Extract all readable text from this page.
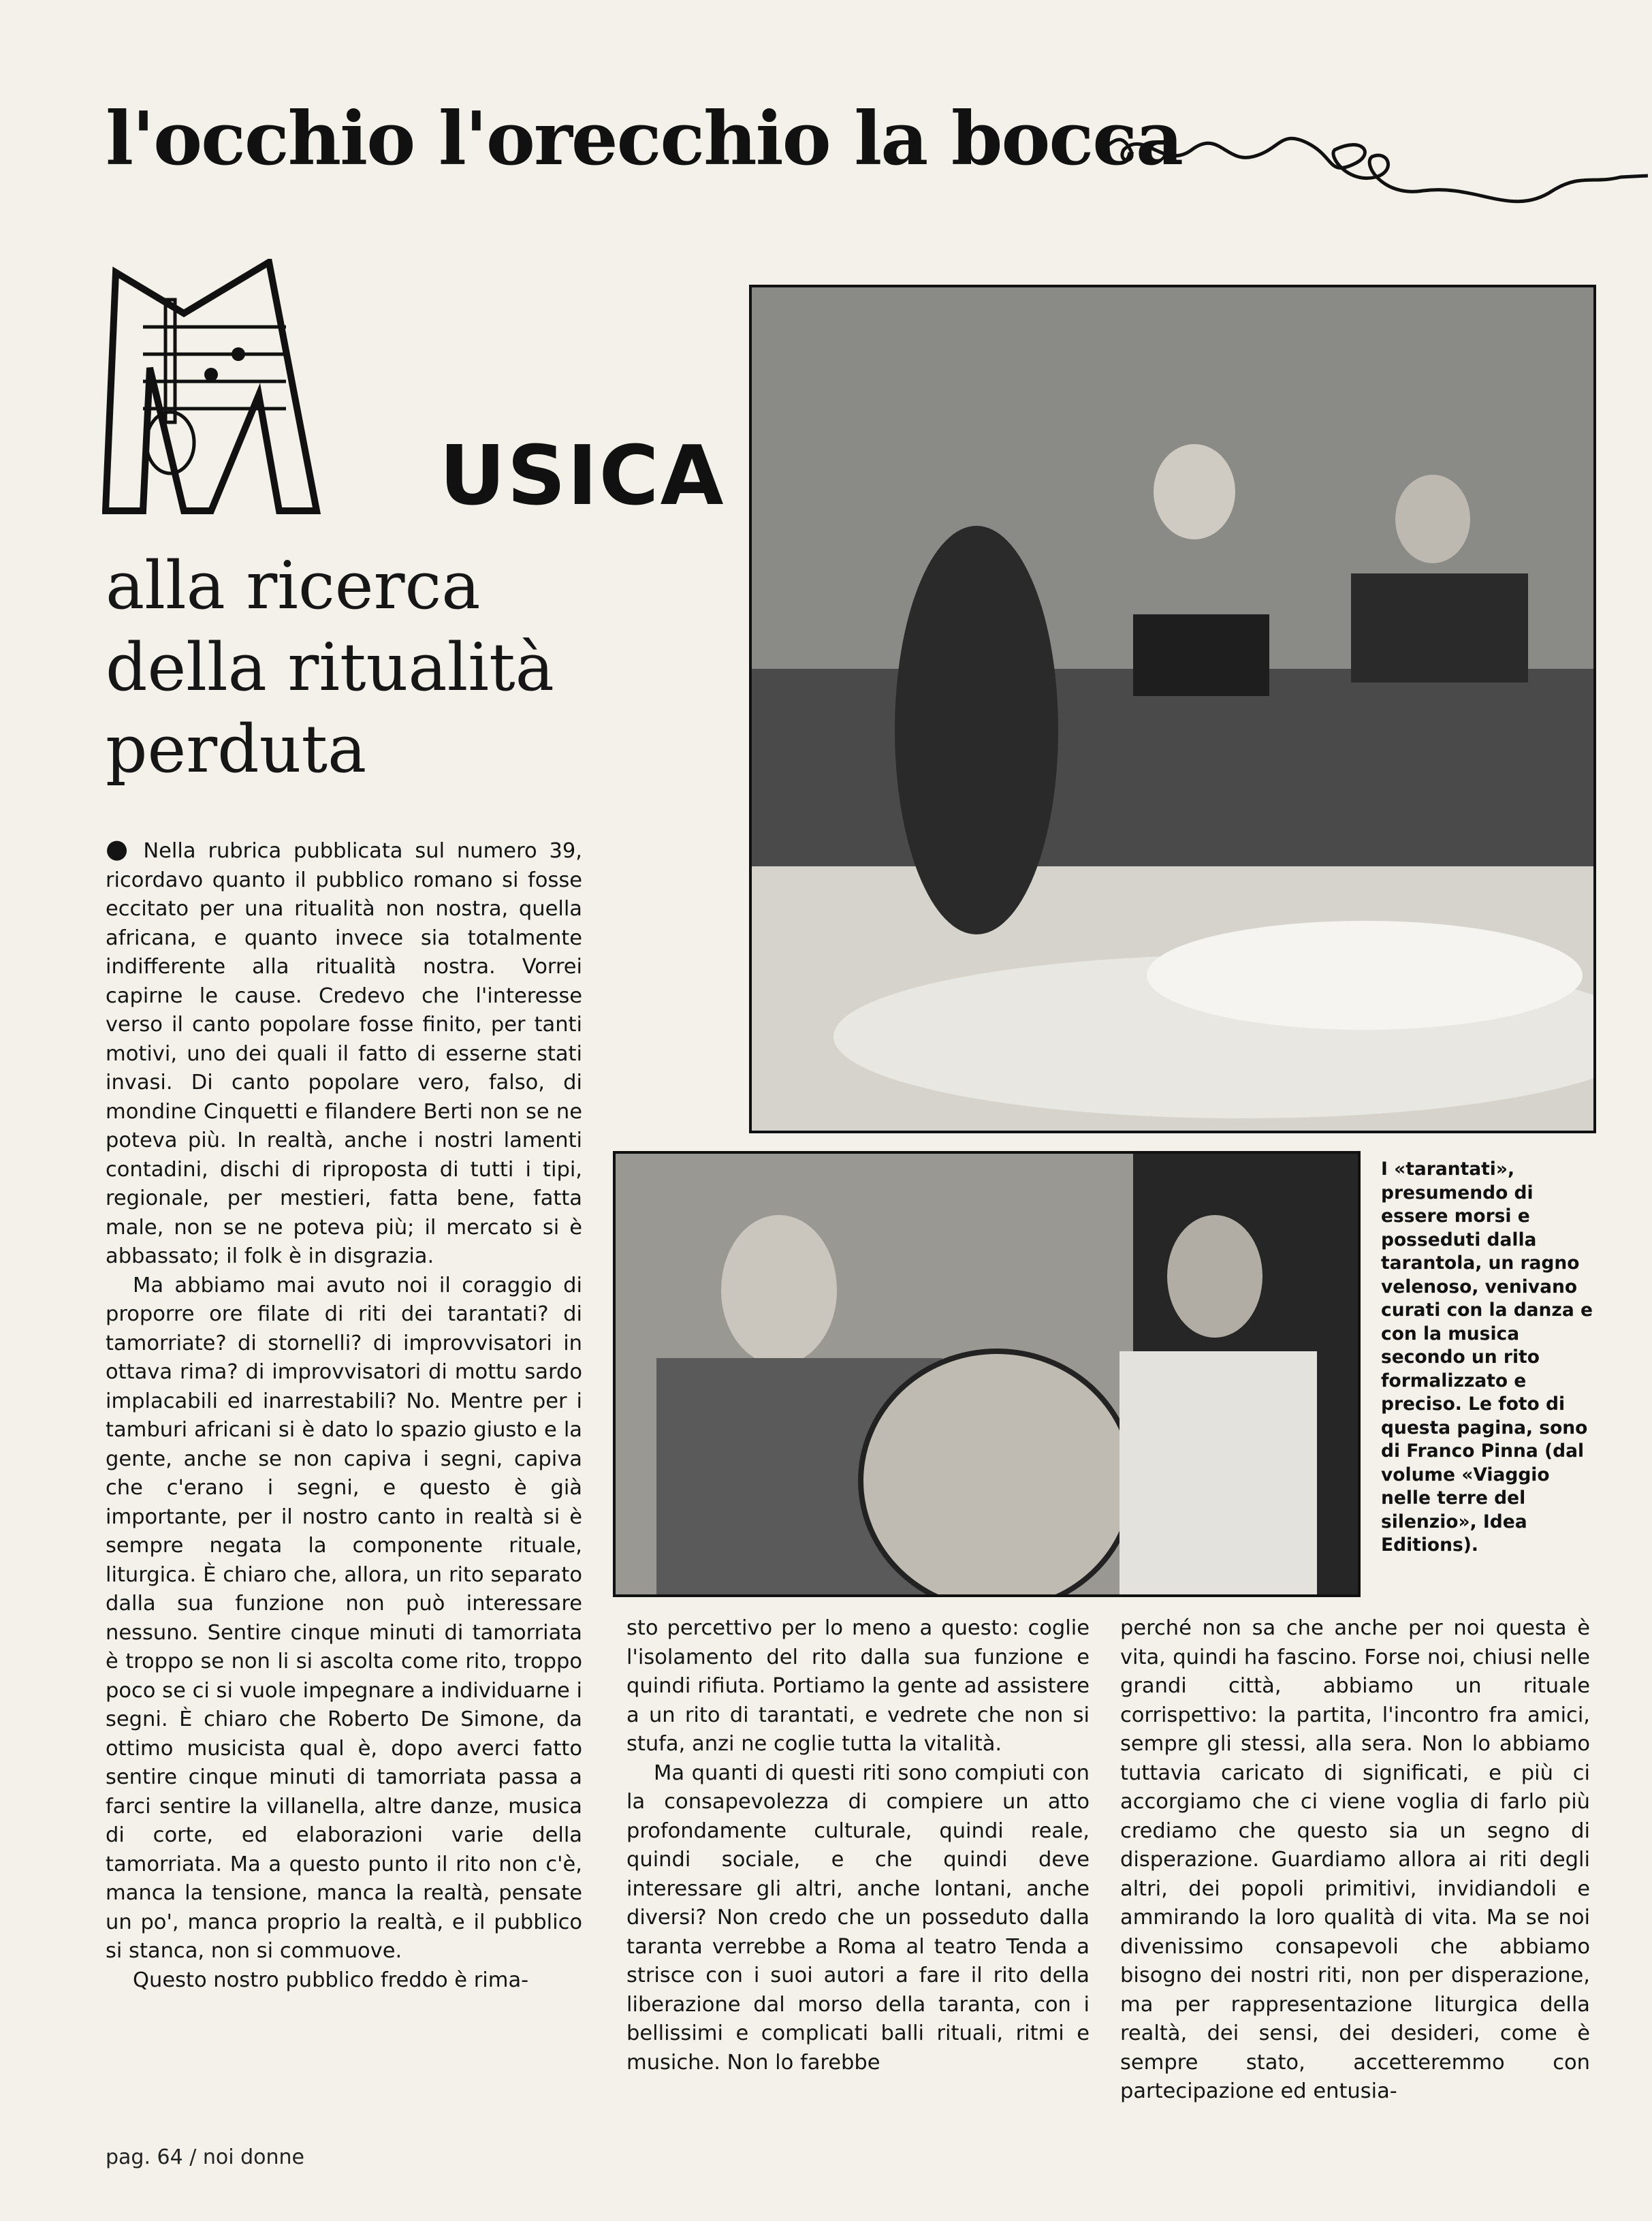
l'occhio l'orecchio la bocca
USICA
alla ricerca
della ritualità
perduta

● Nella rubrica pubblicata sul numero 39, ricordavo quanto il pubblico romano si fosse eccitato per una ritualità non nostra, quella africana, e quanto invece sia totalmente indifferente alla ritualità nostra. Vorrei capirne le cause. Credevo che l'interesse verso il canto popolare fosse finito, per tanti motivi, uno dei quali il fatto di esserne stati invasi. Di canto popolare vero, falso, di mondine Cinquetti e filandere Berti non se ne poteva più. In realtà, anche i nostri lamenti contadini, dischi di riproposta di tutti i tipi, regionale, per mestieri, fatta bene, fatta male, non se ne poteva più; il mercato si è abbassato; il folk è in disgrazia.

Ma abbiamo mai avuto noi il coraggio di proporre ore filate di riti dei tarantati? di tamorriate? di stornelli? di improvvisatori in ottava rima? di improvvisatori di mottu sardo implacabili ed inarrestabili? No. Mentre per i tamburi africani si è dato lo spazio giusto e la gente, anche se non capiva i segni, capiva che c'erano i segni, e questo è già importante, per il nostro canto in realtà si è sempre negata la componente rituale, liturgica. È chiaro che, allora, un rito separato dalla sua funzione non può interessare nessuno. Sentire cinque minuti di tamorriata è troppo se non li si ascolta come rito, troppo poco se ci si vuole impegnare a individuarne i segni. È chiaro che Roberto De Simone, da ottimo musicista qual è, dopo averci fatto sentire cinque minuti di tamorriata passa a farci sentire la villanella, altre danze, musica di corte, ed elaborazioni varie della tamorriata. Ma a questo punto il rito non c'è, manca la tensione, manca la realtà, pensate un po', manca proprio la realtà, e il pubblico si stanca, non si commuove.

Questo nostro pubblico freddo è rima-

I «tarantati», presumendo di essere morsi e posseduti dalla tarantola, un ragno velenoso, venivano curati con la danza e con la musica secondo un rito formalizzato e preciso. Le foto di questa pagina, sono di Franco Pinna (dal volume «Viaggio nelle terre del silenzio», Idea Editions).

sto percettivo per lo meno a questo: coglie l'isolamento del rito dalla sua funzione e quindi rifiuta. Portiamo la gente ad assistere a un rito di tarantati, e vedrete che non si stufa, anzi ne coglie tutta la vitalità.

Ma quanti di questi riti sono compiuti con la consapevolezza di compiere un atto profondamente culturale, quindi reale, quindi sociale, e che quindi deve interessare gli altri, anche lontani, anche diversi? Non credo che un posseduto dalla taranta verrebbe a Roma al teatro Tenda a strisce con i suoi autori a fare il rito della liberazione dal morso della taranta, con i bellissimi e complicati balli rituali, ritmi e musiche. Non lo farebbe

perché non sa che anche per noi questa è vita, quindi ha fascino. Forse noi, chiusi nelle grandi città, abbiamo un rituale corrispettivo: la partita, l'incontro fra amici, sempre gli stessi, alla sera. Non lo abbiamo tuttavia caricato di significati, e più ci accorgiamo che ci viene voglia di farlo più crediamo che questo sia un segno di disperazione. Guardiamo allora ai riti degli altri, dei popoli primitivi, invidiandoli e ammirando la loro qualità di vita. Ma se noi divenissimo consapevoli che abbiamo bisogno dei nostri riti, non per disperazione, ma per rappresentazione liturgica della realtà, dei sensi, dei desideri, come è sempre stato, accetteremmo con partecipazione ed entusia-

pag. 64 / noi donne
